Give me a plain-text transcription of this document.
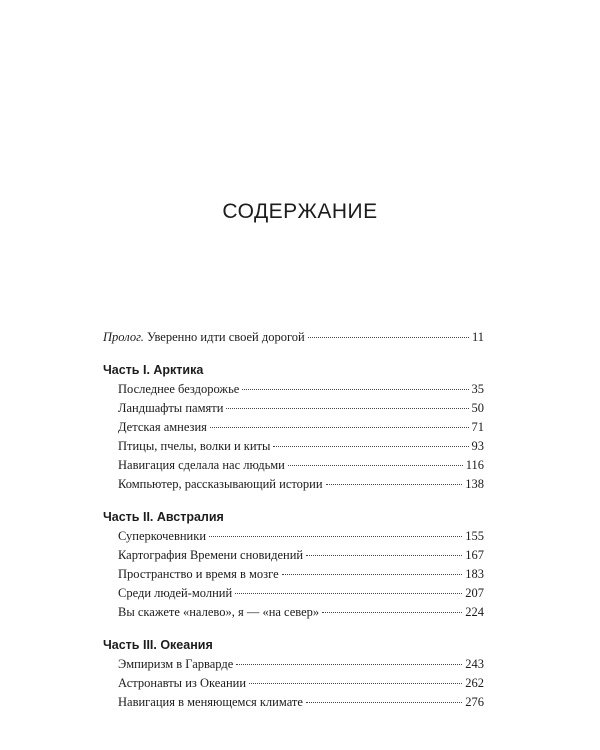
СОДЕРЖАНИЕ
Пролог. Уверенно идти своей дорогой	11

Часть I. Арктика

Последнее бездорожье	35
Ландшафты памяти	50
Детская амнезия	71
Птицы, пчелы, волки и киты	93
Навигация сделала нас людьми	116
Компьютер, рассказывающий истории	138

Часть II. Австралия

Суперкочевники	155
Картография Времени сновидений	167
Пространство и время в мозге	183
Среди людей-молний	207
Вы скажете «налево», я — «на север»	224

Часть III. Океания

Эмпиризм в Гарварде	243
Астронавты из Океании	262
Навигация в меняющемся климате	276
